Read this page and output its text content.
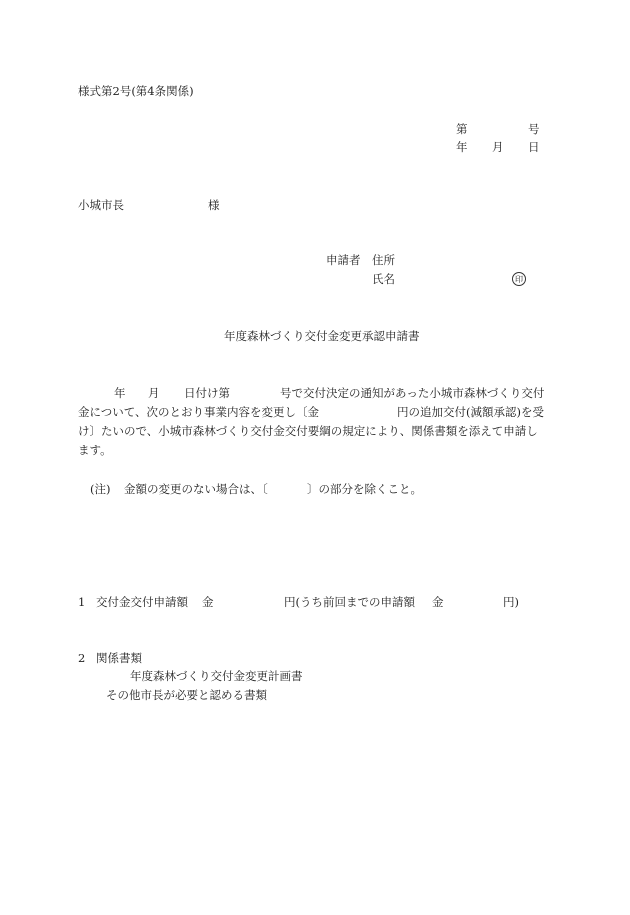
様式第2号(第4条関係)
第	号
年 月 日
小城市長	様
申請者 住所
氏名	印
年度森林づくり交付金変更承認申請書
年 月 日付け第	号で交付決定の通知があった小城市森林づくり交付
金について、次のとおり事業内容を変更し〔金	円の追加交付(減額承認)を受
け〕たいので、小城市森林づくり交付金交付要綱の規定により、関係書類を添えて申請し
ます。
(注) 金額の変更のない場合は、〔	〕の部分を除くこと。
1 交付金交付申請額 金	円(うち前回までの申請額 金	円)
2 関係書類
年度森林づくり交付金変更計画書
その他市長が必要と認める書類
